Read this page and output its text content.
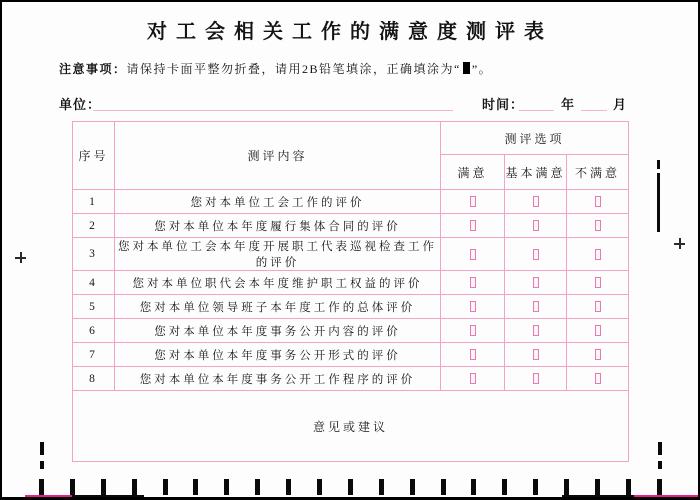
对工会相关工作的满意度测评表
注意事项：请保持卡面平整勿折叠，请用2B铅笔填涂，正确填涂为“ ”。
单位：	时间：	年	月
序号	测评内容	测评选项		
		满意	基本满意	不满意
1	您对本单位工会工作的评价			
2	您对本单位本年度履行集体合同的评价			
3	您对本单位工会本年度开展职工代表巡视检查工作的评价			
4	您对本单位职代会本年度维护职工权益的评价			
5	您对本单位领导班子本年度工作的总体评价			
6	您对本单位本年度事务公开内容的评价			
7	您对本单位本年度事务公开形式的评价			
8	您对本单位本年度事务公开工作程序的评价			
意见或建议				
